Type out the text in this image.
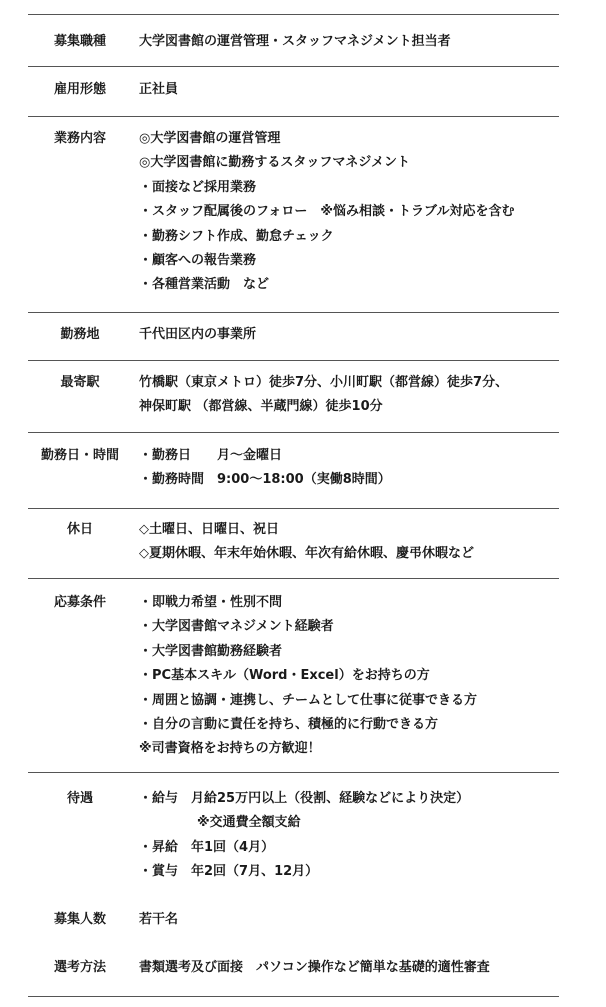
募集職種	大学図書館の運営管理・スタッフマネジメント担当者
雇用形態	正社員
業務内容	◎大学図書館の運営管理
◎大学図書館に勤務するスタッフマネジメント
・面接など採用業務
・スタッフ配属後のフォロー　※悩み相談・トラブル対応を含む
・勤務シフト作成、勤怠チェック
・顧客への報告業務
・各種営業活動　など
勤務地	千代田区内の事業所
最寄駅	竹橋駅（東京メトロ）徒歩7分、小川町駅（都営線）徒歩7分、
神保町駅 （都営線、半蔵門線）徒歩10分
勤務日・時間	・勤務日　　月～金曜日
・勤務時間　9:00～18:00（実働8時間）
休日	◇土曜日、日曜日、祝日
◇夏期休暇、年末年始休暇、年次有給休暇、慶弔休暇など
応募条件	・即戦力希望・性別不問
・大学図書館マネジメント経験者
・大学図書館勤務経験者
・PC基本スキル（Word・Excel）をお持ちの方
・周囲と協調・連携し、チームとして仕事に従事できる方
・自分の言動に責任を持ち、積極的に行動できる方
※司書資格をお持ちの方歓迎！
待遇	・給与　月給25万円以上（役割、経験などにより決定）
※交通費全額支給
・昇給　年1回（4月）
・賞与　年2回（7月、12月）
募集人数	若干名
選考方法	書類選考及び面接　パソコン操作など簡単な基礎的適性審査
